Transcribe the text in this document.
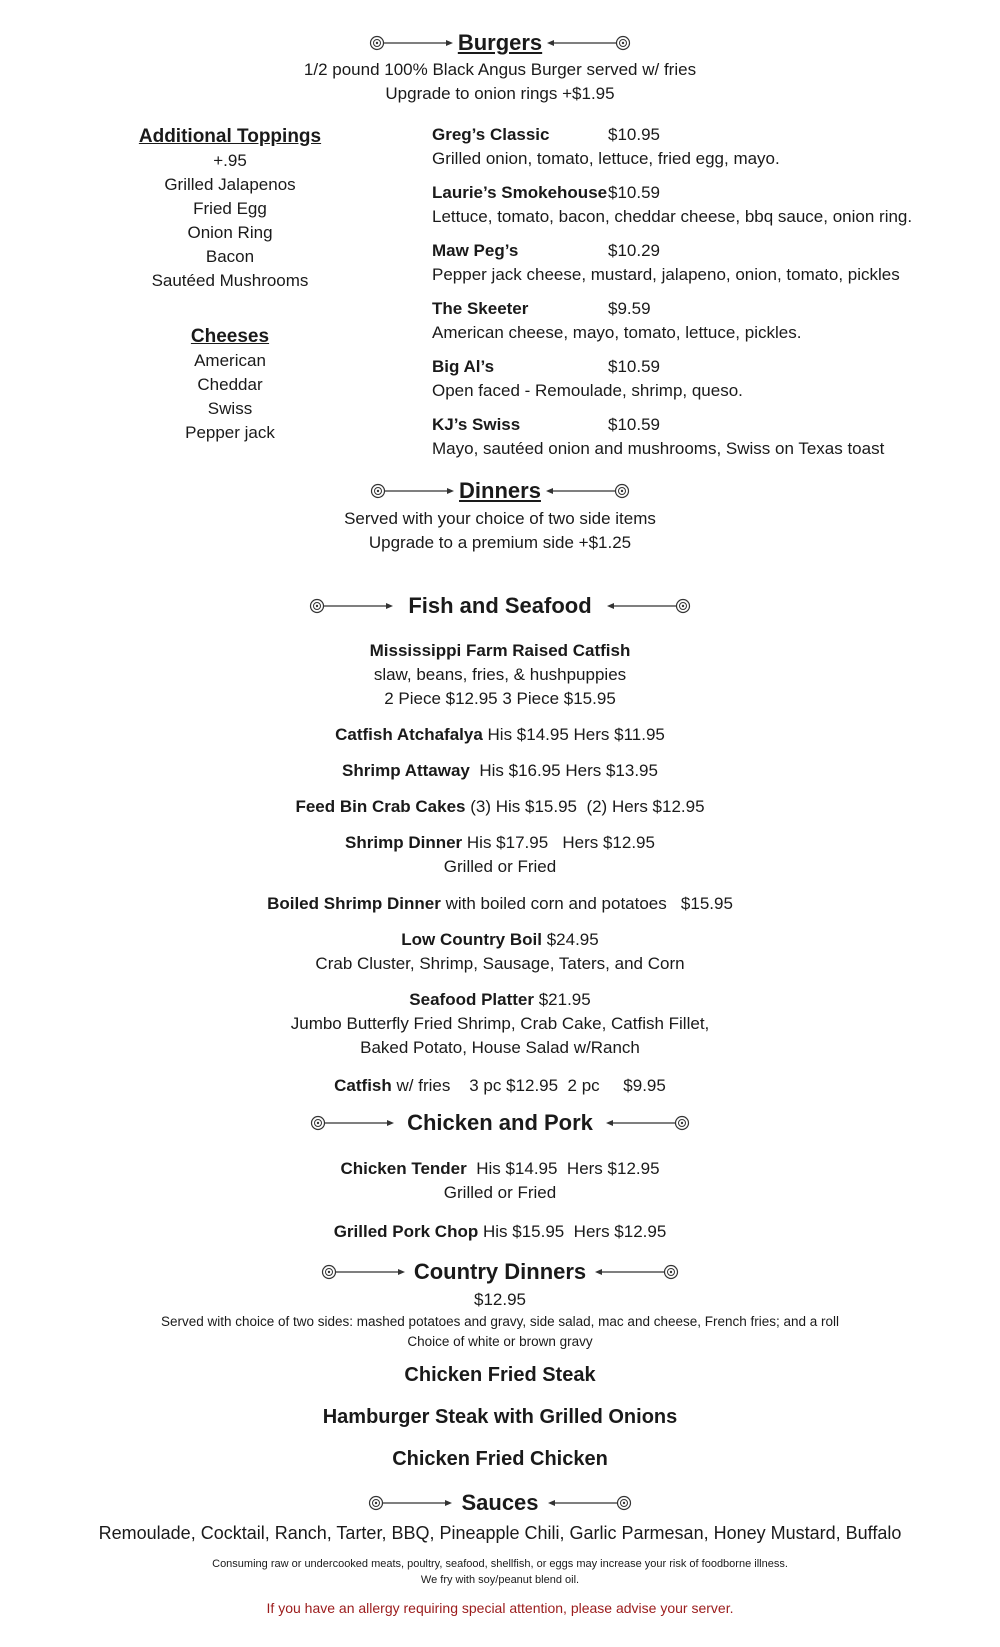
Burgers
1/2 pound 100% Black Angus Burger served w/ fries
Upgrade to onion rings +$1.95
Additional Toppings
+.95
Grilled Jalapenos
Fried Egg
Onion Ring
Bacon
Sautéed Mushrooms
Cheeses
American
Cheddar
Swiss
Pepper jack
Greg’s Classic	$10.95
Grilled onion, tomato, lettuce, fried egg, mayo.
Laurie’s Smokehouse$10.59
Lettuce, tomato, bacon, cheddar cheese, bbq sauce, onion ring.
Maw Peg’s	$10.29
Pepper jack cheese, mustard, jalapeno, onion, tomato, pickles
The Skeeter	$9.59
American cheese, mayo, tomato, lettuce, pickles.
Big Al’s	$10.59
Open faced - Remoulade, shrimp, queso.
KJ’s Swiss	$10.59
Mayo, sautéed onion and mushrooms, Swiss on Texas toast
Dinners
Served with your choice of two side items
Upgrade to a premium side +$1.25
Fish and Seafood
Mississippi Farm Raised Catfish
slaw, beans, fries, & hushpuppies
2 Piece $12.95 3 Piece $15.95
Catfish Atchafalya His $14.95 Hers $11.95
Shrimp Attaway  His $16.95 Hers $13.95
Feed Bin Crab Cakes (3) His $15.95  (2) Hers $12.95
Shrimp Dinner His $17.95   Hers $12.95
Grilled or Fried
Boiled Shrimp Dinner with boiled corn and potatoes   $15.95
Low Country Boil $24.95
Crab Cluster, Shrimp, Sausage, Taters, and Corn
Seafood Platter $21.95
Jumbo Butterfly Fried Shrimp, Crab Cake, Catfish Fillet,
Baked Potato, House Salad w/Ranch
Catfish w/ fries    3 pc $12.95  2 pc     $9.95
Chicken and Pork
Chicken Tender  His $14.95  Hers $12.95
Grilled or Fried
Grilled Pork Chop His $15.95  Hers $12.95
Country Dinners
$12.95
Served with choice of two sides: mashed potatoes and gravy, side salad, mac and cheese, French fries; and a roll
Choice of white or brown gravy
Chicken Fried Steak
Hamburger Steak with Grilled Onions
Chicken Fried Chicken
Sauces
Remoulade, Cocktail, Ranch, Tarter, BBQ, Pineapple Chili, Garlic Parmesan, Honey Mustard, Buffalo
Consuming raw or undercooked meats, poultry, seafood, shellfish, or eggs may increase your risk of foodborne illness.
We fry with soy/peanut blend oil.
If you have an allergy requiring special attention, please advise your server.
